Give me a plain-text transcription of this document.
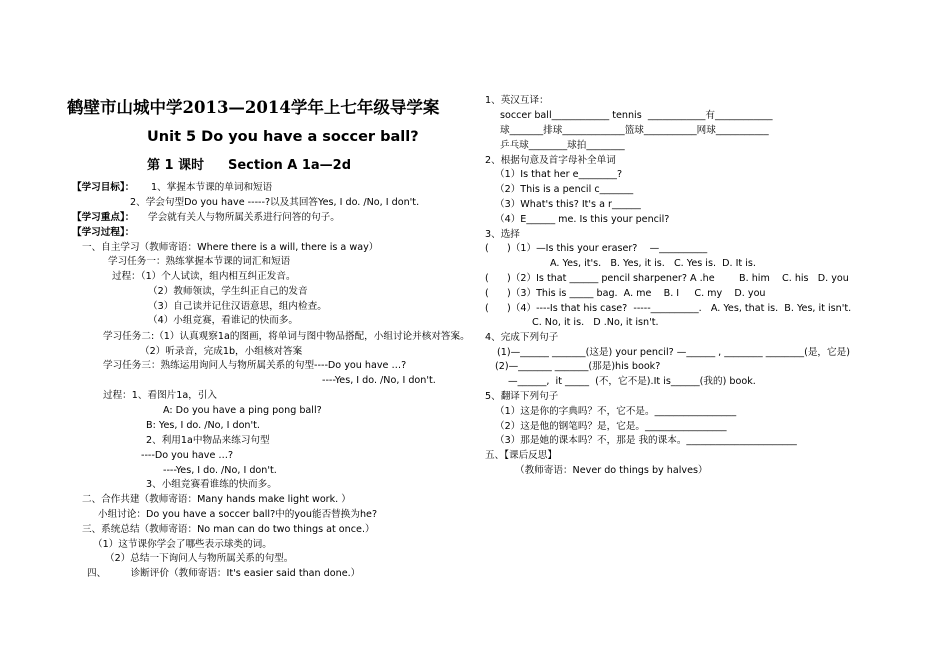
鹤壁市山城中学2013—2014学年上七年级导学案
Unit 5 Do you have a soccer ball?
第 1 课时 Section A 1a—2d
【学习目标】： 1、掌握本节课的单词和短语
2、学会句型Do you have -----?以及其回答Yes, I do. /No, I don't.
【学习重点】： 学会就有关人与物所属关系进行问答的句子。
【学习过程】：
一、自主学习（教师寄语：Where there is a will, there is a way）
学习任务一：熟练掌握本节课的词汇和短语
过程：（1）个人试读，组内相互纠正发音。
（2）教师领读，学生纠正自己的发音
（3）自己读并记住汉语意思，组内检查。
（4）小组竞赛，看谁记的快而多。
学习任务二:（1）认真观察1a的图画，将单词与图中物品搭配，小组讨论并核对答案。
（2）听录音，完成1b，小组核对答案
学习任务三：熟练运用询问人与物所属关系的句型----Do you have …?
----Yes, I do. /No, I don't.
过程：1、看图片1a，引入
A: Do you have a ping pong ball?
B: Yes, I do. /No, I don't.
2、利用1a中物品来练习句型
----Do you have …?
----Yes, I do. /No, I don't.
3、小组竞赛看谁练的快而多。
二、合作共建（教师寄语：Many hands make light work. ）
小组讨论：Do you have a soccer ball?中的you能否替换为he?
三、系统总结（教师寄语：No man can do two things at once.）
（1）这节课你学会了哪些表示球类的词。
（2）总结一下询问人与物所属关系的句型。
四、        诊断评价（教师寄语：It's easier said than done.）
1、英汉互译：
soccer ball____________ tennis  ____________有____________
球_______排球_____________篮球___________网球___________
乒乓球________球拍________
2、根据句意及首字母补全单词
（1）Is that her e________?
（2）This is a pencil c_______
（3）What's this? It's a r______
（4）E______ me. Is this your pencil?
3、选择
(      )（1）—Is this your eraser?    —__________
A. Yes, it's.   B. Yes, it is.   C. Yes is.  D. It is.
(      )（2）Is that ______ pencil sharpener? A .he        B. him    C. his   D. you
(      )（3）This is _____ bag.  A. me    B. I     C. my    D. you
(      )（4）----Is that his case?  -----__________.   A. Yes, that is.  B. Yes, it isn't.
C. No, it is.   D .No, it isn't.
4、完成下列句子
(1)—______ _______(这是) your pencil? —______ , ________ ________(是，它是)
(2)—_______ _______(那是)his book?
—______,  it _____  (不，它不是).It is______(我的) book.
5、翻译下列句子
（1）这是你的字典吗？不，它不是。_________________
（2）这是他的钢笔吗？是，它是。_________________
（3）那是她的课本吗？不，那是 我的课本。_______________________
五、【课后反思】
（教师寄语：Never do things by halves）
